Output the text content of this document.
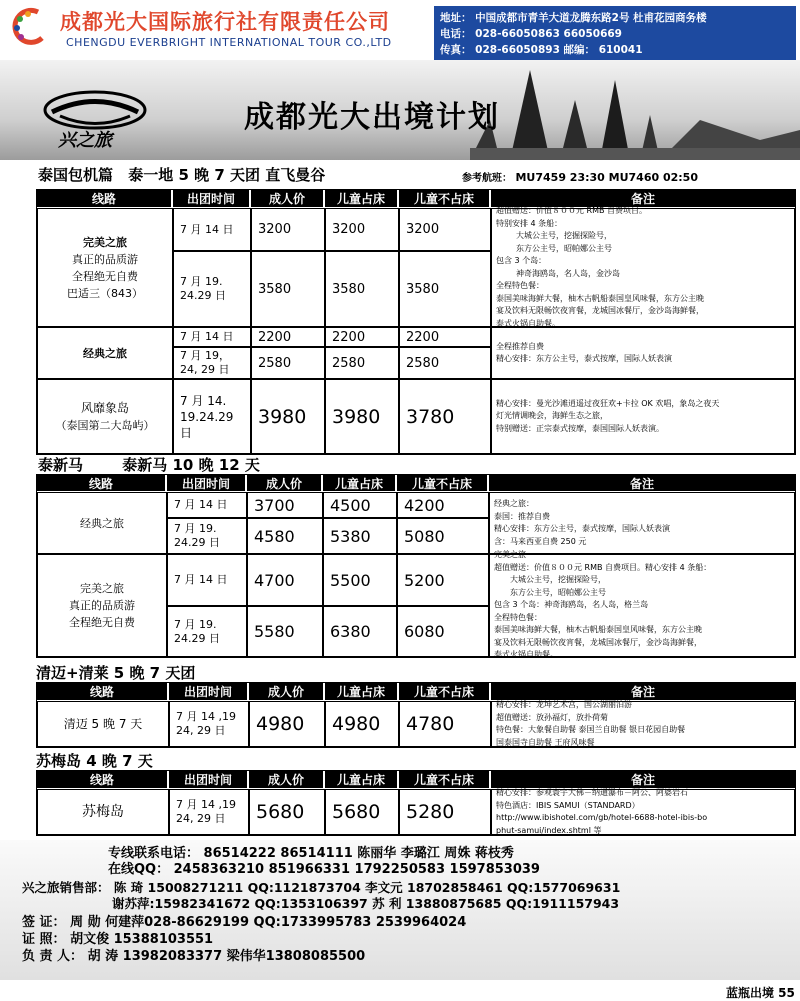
成都光大国际旅行社有限责任公司
CHENGDU EVERBRIGHT INTERNATIONAL TOUR CO.,LTD
地址： 中国成都市青羊大道龙腾东路2号 杜甫花园商务楼
电话： 028-66050863 66050669
传真： 028-66050893 邮编： 610041
兴之旅
成都光大出境计划
泰国包机篇 泰一地 5 晚 7 天团 直飞曼谷	参考航班： MU7459 23:30 MU7460 02:50
线路	出团时间	成人价	儿童占床	儿童不占床	备注
完美之旅
真正的品质游
全程绝无自费
巴适三（843）
7 月 14 日	3200	3200	3200
7 月 19.
24.29 日	3580	3580	3580
超值赠送：价值８００元 RMB 自费项目。
特别安排 4 条船：
大城公主号，挖掘探险号，
东方公主号，昭帕娜公主号
包含 3 个岛：
神奇海鸥岛，名人岛，金沙岛
全程特色餐：
泰国美味海鲜大餐，柚木古帆船泰国皇风味餐，东方公主晚
宴及饮料无限畅饮夜宵餐，龙城国冰餐厅，金沙岛海鲜餐，
泰式火锅自助餐。
经典之旅
7 月 14 日	2200	2200	2200
7 月 19，
24, 29 日	2580	2580	2580
全程推荐自费
精心安排：东方公主号，泰式按摩，国际人妖表演
风靡象岛
（泰国第二大岛屿）
7 月 14.
19.24.29
日
3980	3980	3780
精心安排：曼光沙滩逍遥过夜狂欢+卡拉 OK 欢唱，象岛之夜天
灯光情调晚会，海鲜生态之旅，
特别赠送：正宗泰式按摩，泰国国际人妖表演。
泰新马	泰新马 10 晚 12 天
线路	出团时间	成人价	儿童占床	儿童不占床	备注
经典之旅
7 月 14 日	3700	4500	4200
7 月 19.
24.29 日	4580	5380	5080
经典之旅：
泰国：推荐自费
精心安排：东方公主号，泰式按摩，国际人妖表演
含：马来西亚自费 250 元
完美之旅
真正的品质游
全程绝无自费
7 月 14 日	4700	5500	5200
7 月 19.
24.29 日	5580	6380	6080
完美之旅
超值赠送：价值８００元 RMB 自费项目。精心安排 4 条船：
大城公主号，挖掘探险号，
东方公主号，昭帕娜公主号
包含 3 个岛：神奇海鸥岛，名人岛，格兰岛
全程特色餐：
泰国美味海鲜大餐，柚木古帆船泰国皇风味餐，东方公主晚
宴及饮料无限畅饮夜宵餐，龙城国冰餐厅，金沙岛海鲜餐，
泰式火锅自助餐。
清迈+清莱 5 晚 7 天团
线路	出团时间	成人价	儿童占床	儿童不占床	备注
清迈 5 晚 7 天	7 月 14 ,19
24, 29 日	4980	4980	4780
精心安排：龙坤艺术宫，国公湖丽泊游
超值赠送：放孙福灯，放扑荷菊
特色餐：大象餐自助餐 泰国兰自助餐 银日花园自助餐
国泰国寺自助餐 王府风味餐
苏梅岛 4 晚 7 天
线路	出团时间	成人价	儿童占床	儿童不占床	备注
苏梅岛	7 月 14 ,19
24, 29 日	5680	5680	5280
精心安排：参观寰宇大佛－纳通瀑布－阿公、阿婆岩石
特色酒店：IBIS SAMUI（STANDARD）
http://www.ibishotel.com/gb/hotel-6688-hotel-ibis-bo
phut-samui/index.shtml 等
专线联系电话： 86514222 86514111 陈丽华 李璐江 周姝 蒋枝秀
在线QQ： 2458363210 851966331 1792250583 1597853039
兴之旅销售部： 陈 琦 15008271211 QQ:1121873704 李文元 18702858461 QQ:1577069631
谢苏萍:15982341672 QQ:1353106397 苏 利 13880875685 QQ:1911157943
签 证： 周 勋 何建萍028-86629199 QQ:1733995783 2539964024
证 照： 胡文俊 15388103551
负 责 人： 胡 涛 13982083377 梁伟华13808085500
蓝瓶出境 55
